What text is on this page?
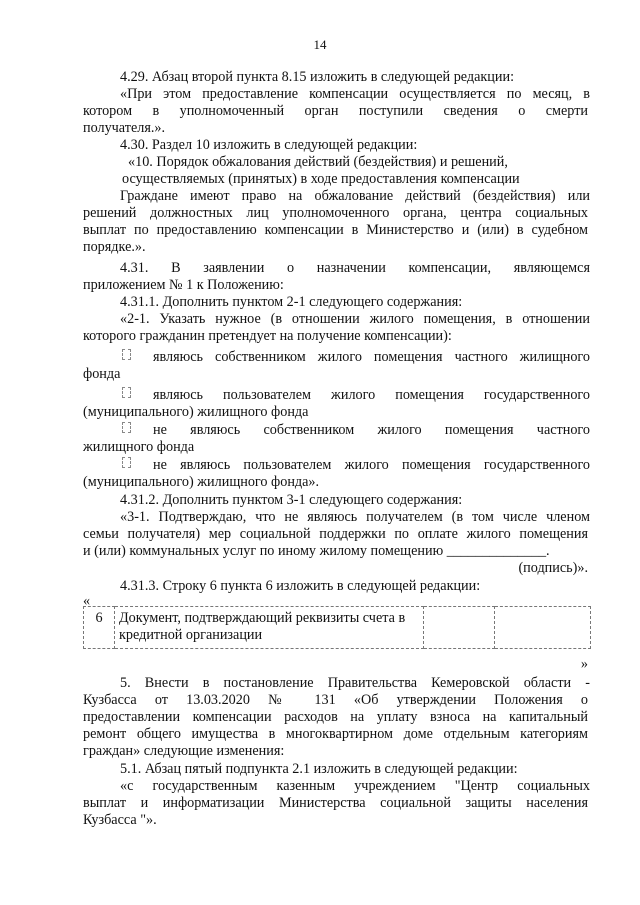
14
4.29. Абзац второй пункта 8.15 изложить в следующей редакции:
«При этом предоставление компенсации осуществляется по месяц, в
котором в уполномоченный орган поступили сведения о смерти
получателя.».
4.30. Раздел 10 изложить в следующей редакции:
«10. Порядок обжалования действий (бездействия) и решений,
осуществляемых (принятых) в ходе предоставления компенсации
Граждане имеют право на обжалование действий (бездействия) или
решений должностных лиц уполномоченного органа, центра социальных
выплат по предоставлению компенсации в Министерство и (или) в судебном
порядке.».
4.31. В заявлении о назначении компенсации, являющемся
приложением № 1 к Положению:
4.31.1. Дополнить пунктом 2-1 следующего содержания:
«2-1. Указать нужное (в отношении жилого помещения, в отношении
которого гражданин претендует на получение компенсации):
являюсь собственником жилого помещения частного жилищного
фонда
являюсь пользователем жилого помещения государственного
(муниципального) жилищного фонда
не являюсь собственником жилого помещения частного
жилищного фонда
не являюсь пользователем жилого помещения государственного
(муниципального) жилищного фонда».
4.31.2. Дополнить пунктом 3-1 следующего содержания:
«3-1. Подтверждаю, что не являюсь получателем (в том числе членом
семьи получателя) мер социальной поддержки по оплате жилого помещения
и (или) коммунальных услуг по иному жилому помещению ______________.
(подпись)».
4.31.3. Строку 6 пункта 6 изложить в следующей редакции:
«
6	Документ, подтверждающий реквизиты счета в
кредитной организации

»
5. Внести в постановление Правительства Кемеровской области -
Кузбасса от 13.03.2020 № 131 «Об утверждении Положения о
предоставлении компенсации расходов на уплату взноса на капитальный
ремонт общего имущества в многоквартирном доме отдельным категориям
граждан» следующие изменения:
5.1. Абзац пятый подпункта 2.1 изложить в следующей редакции:
«с государственным казенным учреждением "Центр социальных
выплат и информатизации Министерства социальной защиты населения
Кузбасса "».
